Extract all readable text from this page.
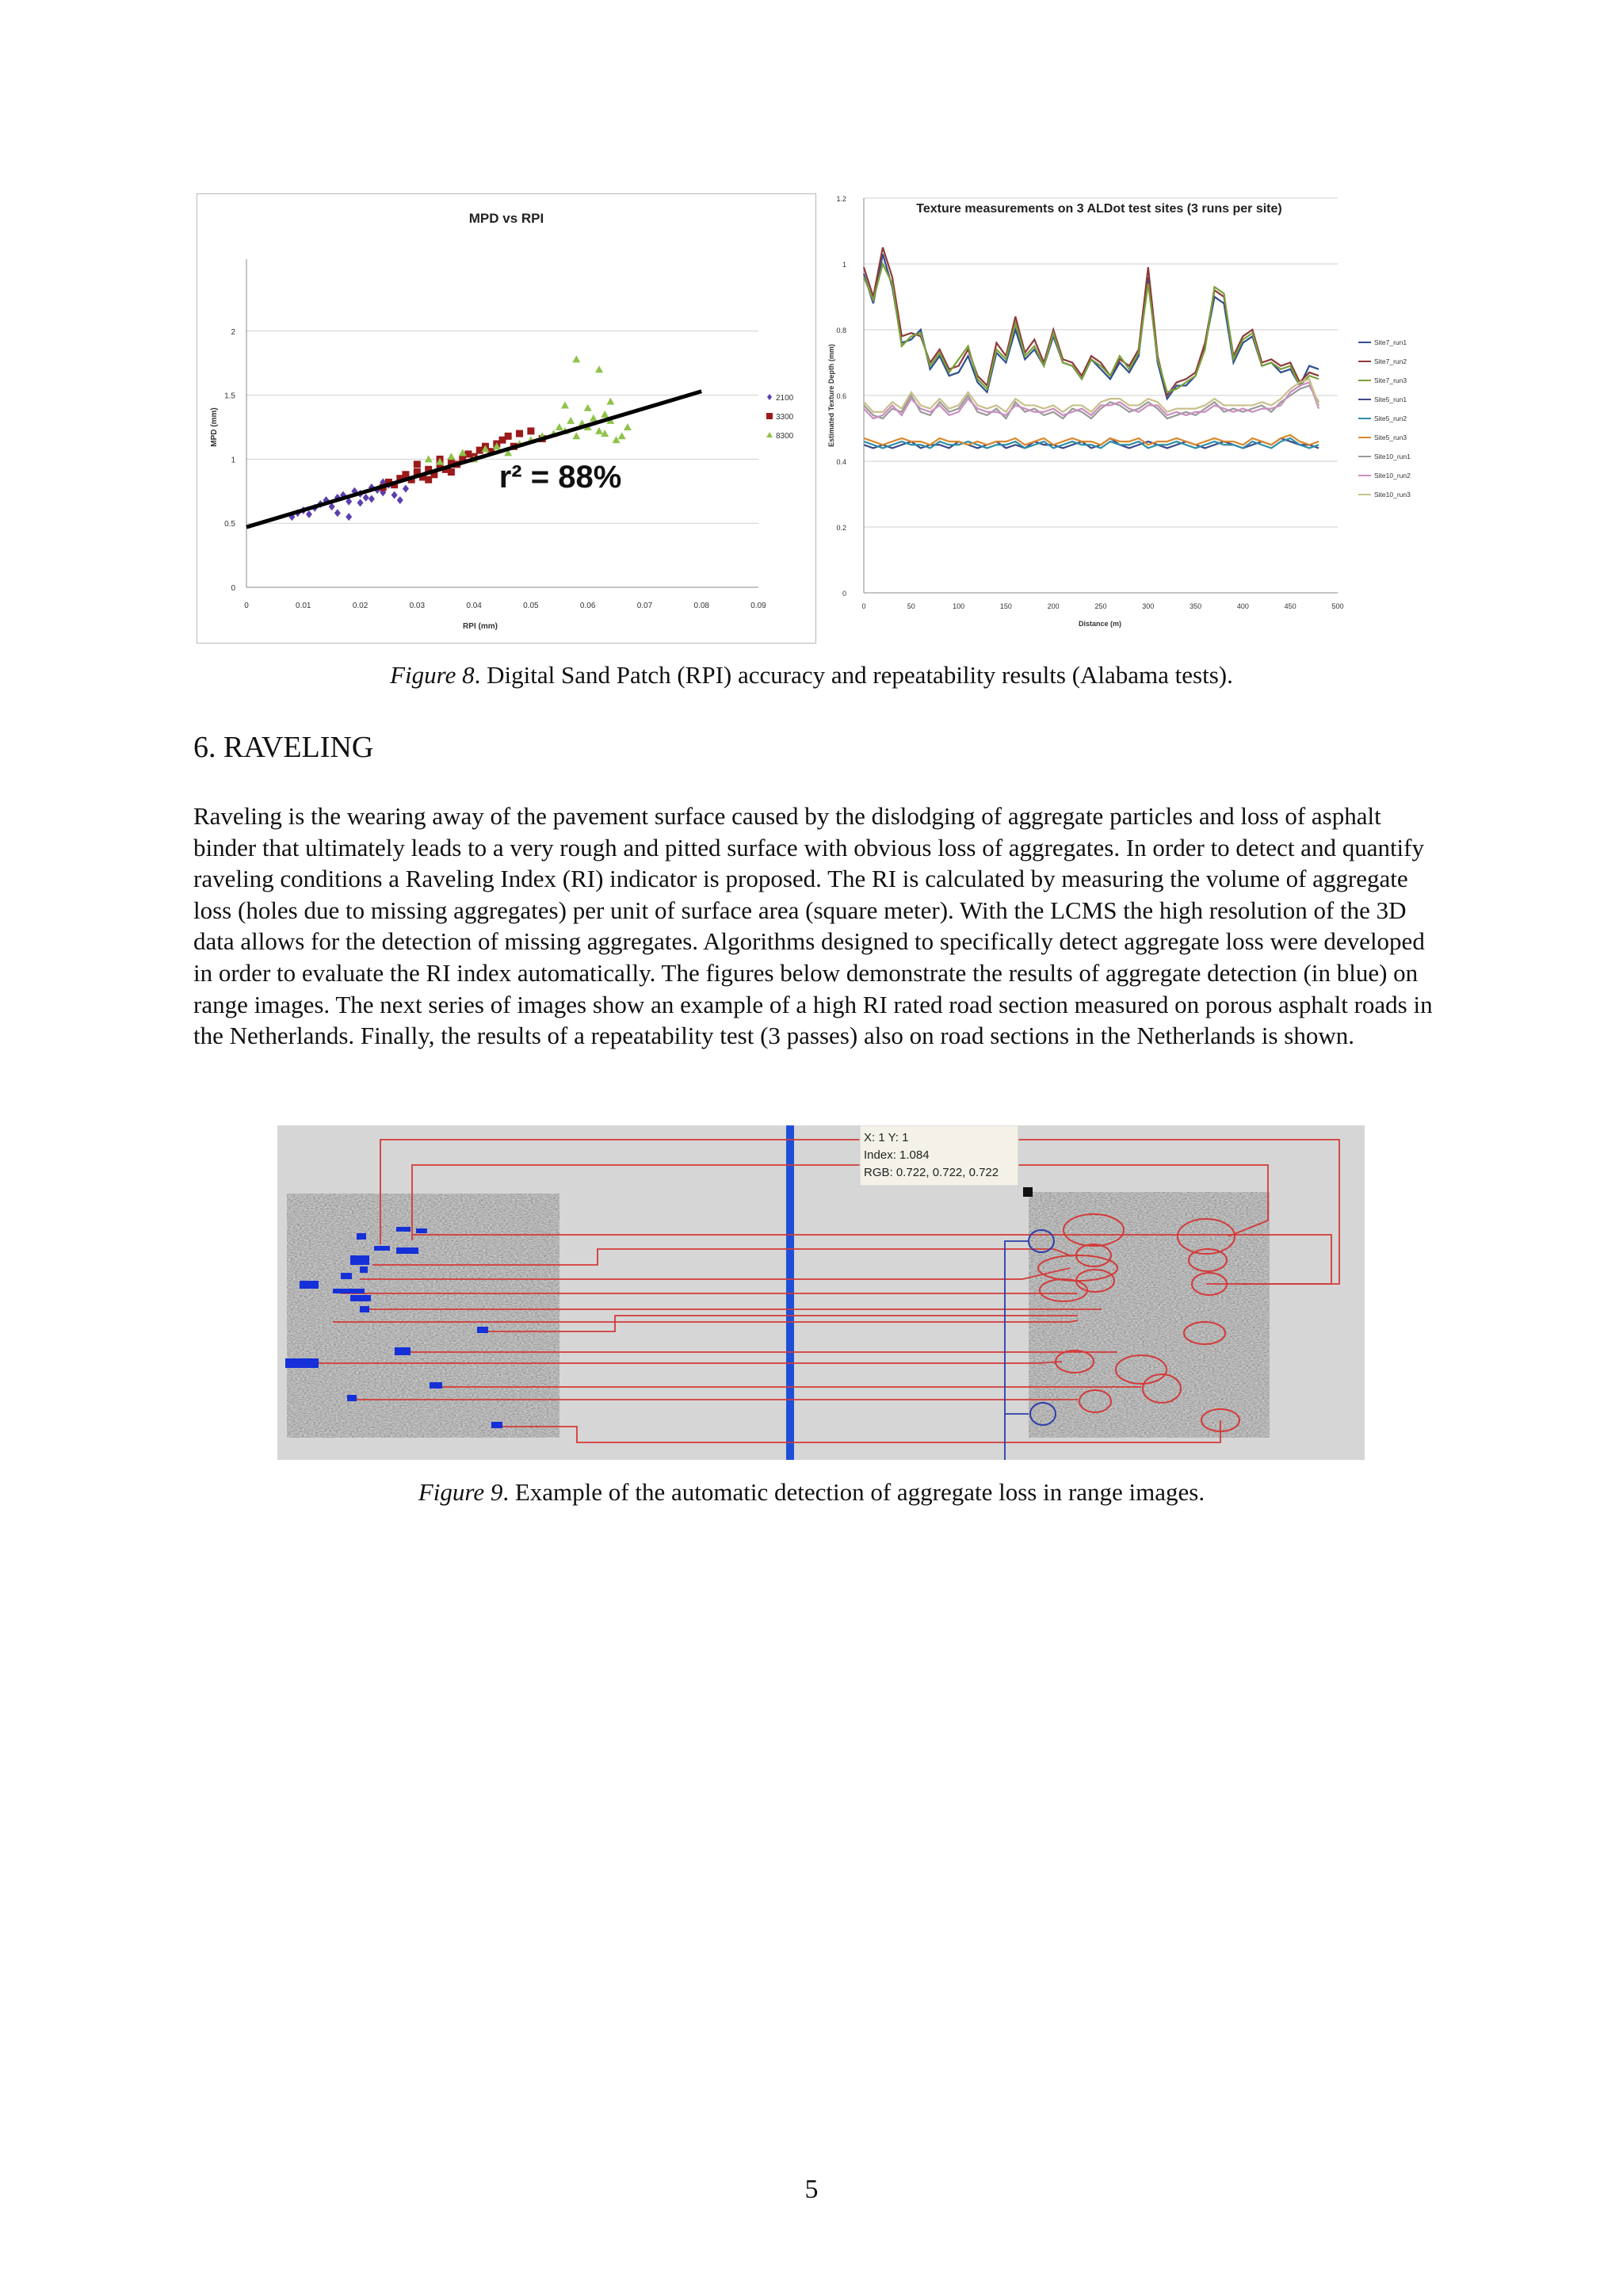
MPD vs RPI
0
0.5
1
1.5
2
0	0.01	0.02	0.03	0.04	0.05	0.06	0.07	0.08	0.09
RPI (mm)
MPD (mm)
r² = 88%
2100
3300
8300
Texture measurements on 3 ALDot test sites (3 runs per site)
0
0.2
0.4
0.6
0.8
1
1.2
0	50	100	150	200	250	300	350	400	450	500
Distance (m)
Estimated Texture Depth (mm)
Site7_run1
Site7_run2
Site7_run3
Site5_run1
Site5_run2
Site5_run3
Site10_run1
Site10_run2
Site10_run3
Figure 8. Digital Sand Patch (RPI) accuracy and repeatability results (Alabama tests).
6. RAVELING
Raveling is the wearing away of the pavement surface caused by the dislodging of aggregate particles and loss of asphalt binder that ultimately leads to a very rough and pitted surface with obvious loss of aggregates. In order to detect and quantify raveling conditions a Raveling Index (RI) indicator is proposed. The RI is calculated by measuring the volume of aggregate loss (holes due to missing aggregates) per unit of surface area (square meter). With the LCMS the high resolution of the 3D data allows for the detection of missing aggregates. Algorithms designed to specifically detect aggregate loss were developed in order to evaluate the RI index automatically. The figures below demonstrate the results of aggregate detection (in blue) on range images. The next series of images show an example of a high RI rated road section measured on porous asphalt roads in the Netherlands. Finally, the results of a repeatability test (3 passes) also on road sections in the Netherlands is shown.
X: 1 Y: 1
Index: 1.084
RGB: 0.722, 0.722, 0.722
Figure 9. Example of the automatic detection of aggregate loss in range images.
5
